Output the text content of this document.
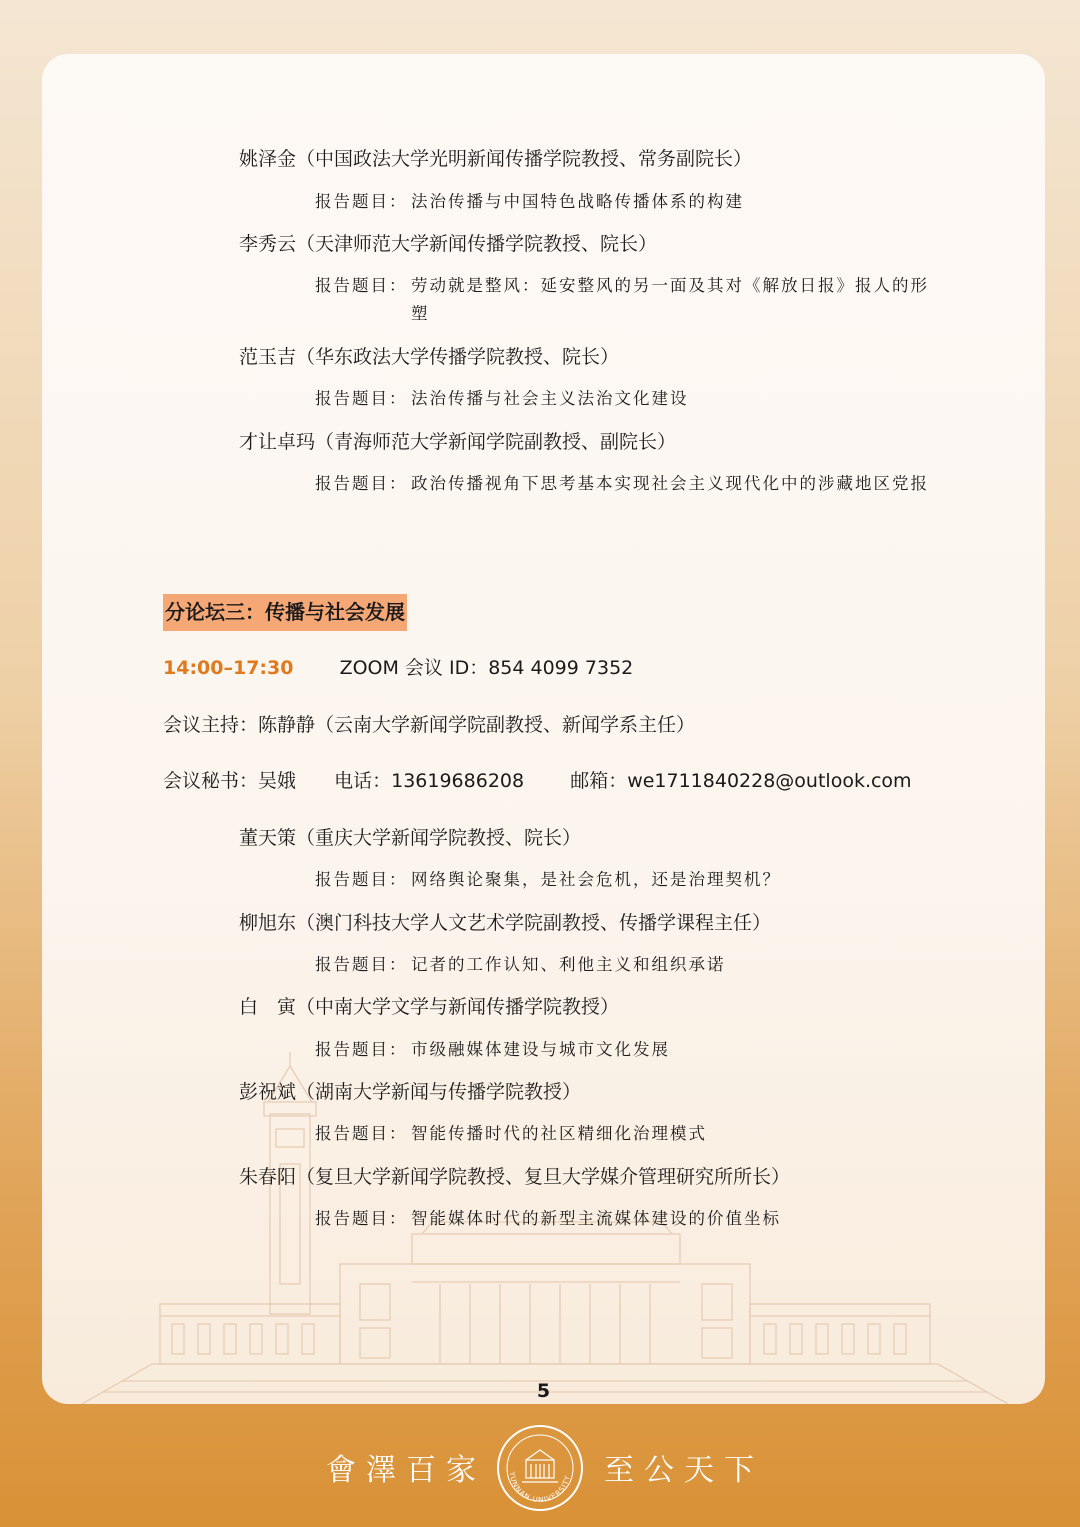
姚泽金（中国政法大学光明新闻传播学院教授、常务副院长）
报告题目： 法治传播与中国特色战略传播体系的构建
李秀云（天津师范大学新闻传播学院教授、院长）
报告题目： 劳动就是整风：延安整风的另一面及其对《解放日报》报人的形塑
范玉吉（华东政法大学传播学院教授、院长）
报告题目： 法治传播与社会主义法治文化建设
才让卓玛（青海师范大学新闻学院副教授、副院长）
报告题目： 政治传播视角下思考基本实现社会主义现代化中的涉藏地区党报
分论坛三：传播与社会发展
14:00–17:30 ZOOM 会议 ID：854 4099 7352
会议主持：陈静静（云南大学新闻学院副教授、新闻学系主任）
会议秘书：吴娥 电话：13619686208 邮箱：we1711840228@outlook.com
董天策（重庆大学新闻学院教授、院长）
报告题目： 网络舆论聚集，是社会危机，还是治理契机？
柳旭东（澳门科技大学人文艺术学院副教授、传播学课程主任）
报告题目： 记者的工作认知、利他主义和组织承诺
白　寅（中南大学文学与新闻传播学院教授）
报告题目： 市级融媒体建设与城市文化发展
彭祝斌（湖南大学新闻与传播学院教授）
报告题目： 智能传播时代的社区精细化治理模式
朱春阳（复旦大学新闻学院教授、复旦大学媒介管理研究所所长）
报告题目： 智能媒体时代的新型主流媒体建设的价值坐标
5
會澤百家	YUNNAN UNIVERSITY 至公天下
